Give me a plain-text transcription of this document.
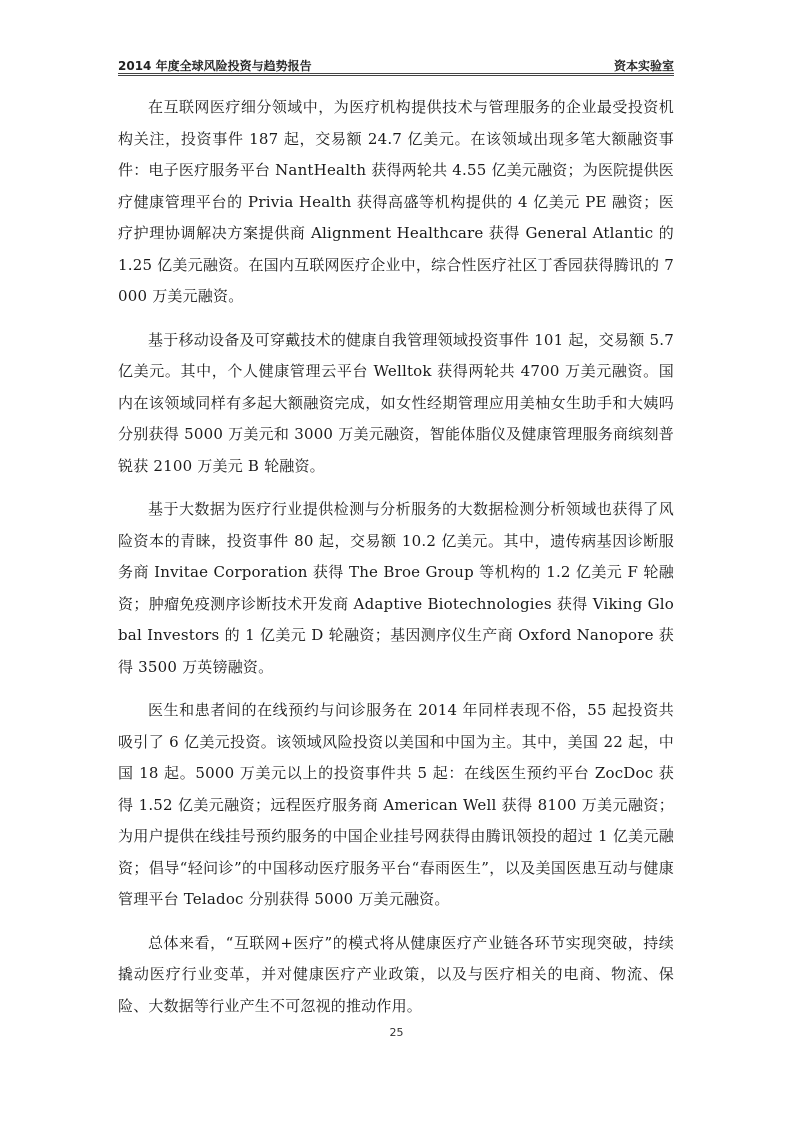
2014 年度全球风险投资与趋势报告	资本实验室

在互联网医疗细分领域中，为医疗机构提供技术与管理服务的企业最受投资机构关注，投资事件 187 起，交易额 24.7 亿美元。在该领域出现多笔大额融资事件：电子医疗服务平台 NantHealth 获得两轮共 4.55 亿美元融资；为医院提供医疗健康管理平台的 Privia Health 获得高盛等机构提供的 4 亿美元 PE 融资；医疗护理协调解决方案提供商 Alignment Healthcare 获得 General Atlantic 的 1.25 亿美元融资。在国内互联网医疗企业中，综合性医疗社区丁香园获得腾讯的 7000 万美元融资。

基于移动设备及可穿戴技术的健康自我管理领域投资事件 101 起，交易额 5.7 亿美元。其中，个人健康管理云平台 Welltok 获得两轮共 4700 万美元融资。国内在该领域同样有多起大额融资完成，如女性经期管理应用美柚女生助手和大姨吗分别获得 5000 万美元和 3000 万美元融资，智能体脂仪及健康管理服务商缤刻普锐获 2100 万美元 B 轮融资。

基于大数据为医疗行业提供检测与分析服务的大数据检测分析领域也获得了风险资本的青睐，投资事件 80 起，交易额 10.2 亿美元。其中，遗传病基因诊断服务商 Invitae Corporation 获得 The Broe Group 等机构的 1.2 亿美元 F 轮融资；肿瘤免疫测序诊断技术开发商 Adaptive Biotechnologies 获得 Viking Global Investors 的 1 亿美元 D 轮融资；基因测序仪生产商 Oxford Nanopore 获得 3500 万英镑融资。

医生和患者间的在线预约与问诊服务在 2014 年同样表现不俗，55 起投资共吸引了 6 亿美元投资。该领域风险投资以美国和中国为主。其中，美国 22 起，中国 18 起。5000 万美元以上的投资事件共 5 起：在线医生预约平台 ZocDoc 获得 1.52 亿美元融资；远程医疗服务商 American Well 获得 8100 万美元融资；为用户提供在线挂号预约服务的中国企业挂号网获得由腾讯领投的超过 1 亿美元融资；倡导“轻问诊”的中国移动医疗服务平台“春雨医生”，以及美国医患互动与健康管理平台 Teladoc 分别获得 5000 万美元融资。

总体来看，“互联网+医疗”的模式将从健康医疗产业链各环节实现突破，持续撬动医疗行业变革，并对健康医疗产业政策，以及与医疗相关的电商、物流、保险、大数据等行业产生不可忽视的推动作用。

25
